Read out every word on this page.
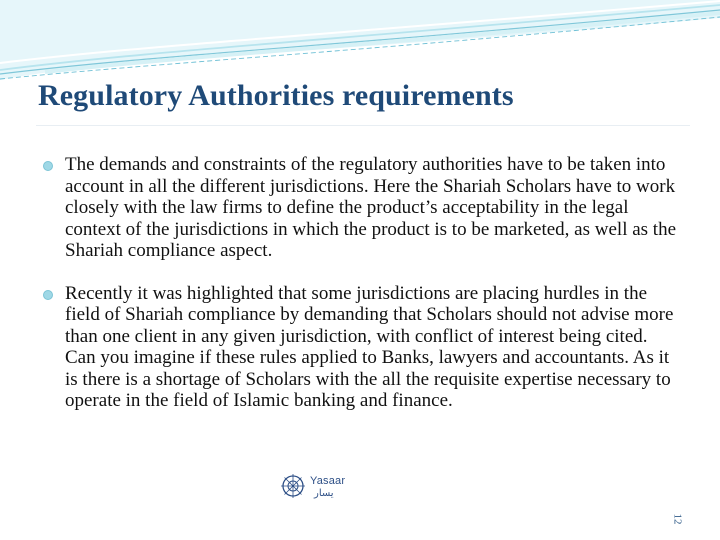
Regulatory Authorities requirements
The demands and constraints of the regulatory authorities have to be taken into account in all the different jurisdictions. Here the Shariah Scholars have to work closely with the law firms to define the product’s acceptability in the legal context of the jurisdictions in which the product is to be marketed, as well as the Shariah compliance aspect.
Recently it was highlighted that some jurisdictions are placing hurdles in the field of Shariah compliance by demanding that Scholars should not advise more than one client in any given jurisdiction, with conflict of interest being cited. Can you imagine if these rules applied to Banks, lawyers and accountants. As it is there is a shortage of Scholars with the all the requisite expertise necessary to operate in the field of Islamic banking and finance.
Yasaar
يسار
12
